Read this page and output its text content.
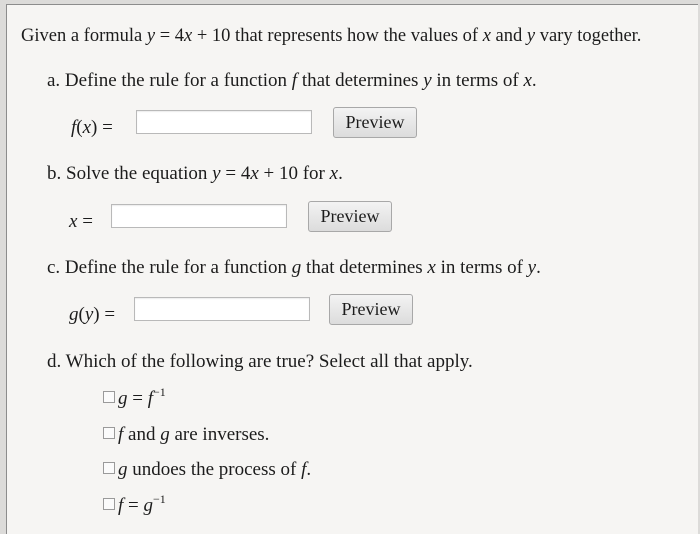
Given a formula y = 4x + 10 that represents how the values of x and y vary together.
a. Define the rule for a function f that determines y in terms of x.
f(x) =	Preview
b. Solve the equation y = 4x + 10 for x.
x =	Preview
c. Define the rule for a function g that determines x in terms of y.
g(y) =	Preview
d. Which of the following are true? Select all that apply.
$g = f^{-1}$
f and g are inverses.
g undoes the process of f.
$f = g^{-1}$
